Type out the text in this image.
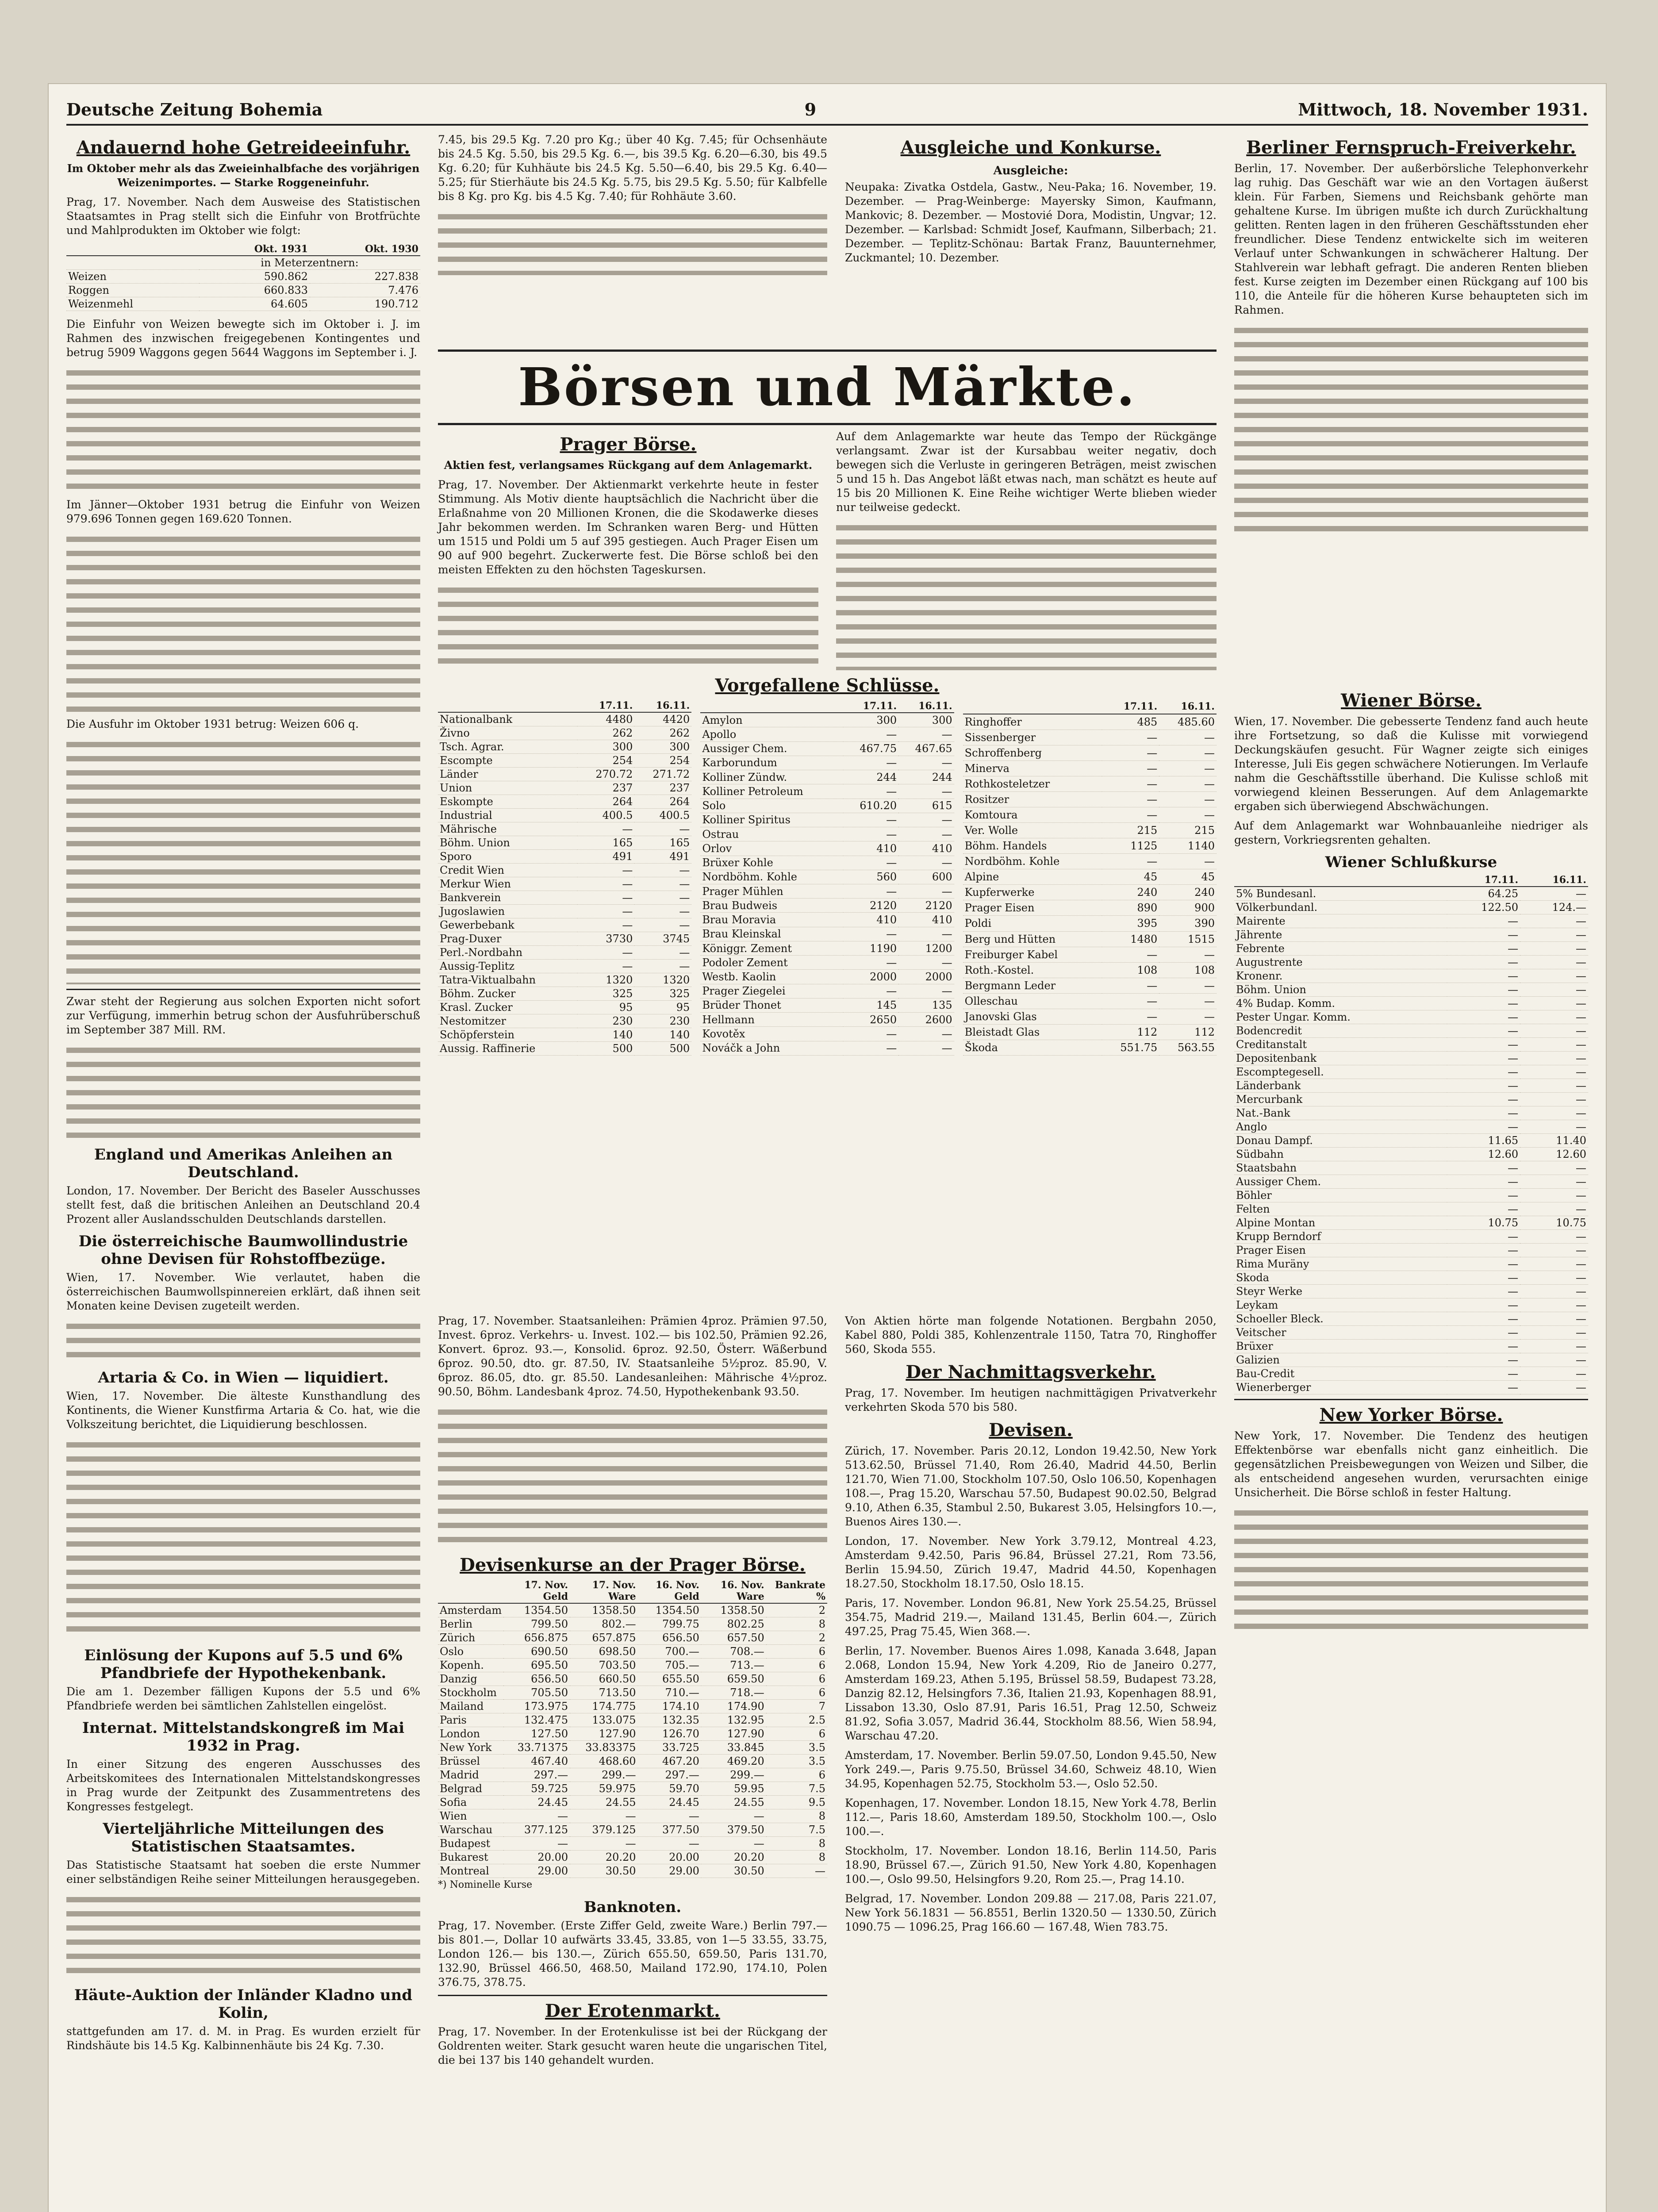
Deutsche Zeitung Bohemia	9	Mittwoch, 18. November 1931.
Andauernd hohe Getreideeinfuhr.

Im Oktober mehr als das Zweieinhalbfache des vorjährigen Weizenimportes. — Starke Roggeneinfuhr.

Prag, 17. November. Nach dem Ausweise des Statistischen Staatsamtes in Prag stellt sich die Einfuhr von Brotfrüchte und Mahlprodukten im Oktober wie folgt:

	Okt. 1931	Okt. 1930
	in Meterzentnern:	
Weizen	590.862	227.838
Roggen	660.833	7.476
Weizenmehl	64.605	190.712

Die Einfuhr von Weizen bewegte sich im Oktober i. J. im Rahmen des inzwischen freigegebenen Kontingentes und betrug 5909 Waggons gegen 5644 Waggons im September i. J.

Im Jänner—Oktober 1931 betrug die Einfuhr von Weizen 979.696 Tonnen gegen 169.620 Tonnen.

Die Ausfuhr im Oktober 1931 betrug: Weizen 606 q.

Zwar steht der Regierung aus solchen Exporten nicht sofort zur Verfügung, immerhin betrug schon der Ausfuhrüberschuß im September 387 Mill. RM.

England und Amerikas Anleihen an Deutschland.

London, 17. November. Der Bericht des Baseler Ausschusses stellt fest, daß die britischen Anleihen an Deutschland 20.4 Prozent aller Auslandsschulden Deutschlands darstellen.

Die österreichische Baumwollindustrie ohne Devisen für Rohstoffbezüge.

Wien, 17. November. Wie verlautet, haben die österreichischen Baumwollspinnereien erklärt, daß ihnen seit Monaten keine Devisen zugeteilt werden.

Artaria & Co. in Wien — liquidiert.

Wien, 17. November. Die älteste Kunsthandlung des Kontinents, die Wiener Kunstfirma Artaria & Co. hat, wie die Volkszeitung berichtet, die Liquidierung beschlossen.

Einlösung der Kupons auf 5.5 und 6% Pfandbriefe der Hypothekenbank.

Die am 1. Dezember fälligen Kupons der 5.5 und 6% Pfandbriefe werden bei sämtlichen Zahlstellen eingelöst.

Internat. Mittelstandskongreß im Mai 1932 in Prag.

In einer Sitzung des engeren Ausschusses des Arbeitskomitees des Internationalen Mittelstandskongresses in Prag wurde der Zeitpunkt des Zusammentretens des Kongresses festgelegt.

Vierteljährliche Mitteilungen des Statistischen Staatsamtes.

Das Statistische Staatsamt hat soeben die erste Nummer einer selbständigen Reihe seiner Mitteilungen herausgegeben.

Häute-Auktion der Inländer Kladno und Kolin,

stattgefunden am 17. d. M. in Prag. Es wurden erzielt für Rindshäute bis 14.5 Kg. Kalbinnenhäute bis 24 Kg. 7.30.

7.45, bis 29.5 Kg. 7.20 pro Kg.; über 40 Kg. 7.45; für Ochsenhäute bis 24.5 Kg. 5.50, bis 29.5 Kg. 6.—, bis 39.5 Kg. 6.20—6.30, bis 49.5 Kg. 6.20; für Kuhhäute bis 24.5 Kg. 5.50—6.40, bis 29.5 Kg. 6.40—5.25; für Stierhäute bis 24.5 Kg. 5.75, bis 29.5 Kg. 5.50; für Kalbfelle bis 8 Kg. pro Kg. bis 4.5 Kg. 7.40; für Rohhäute 3.60.

Ausgleiche und Konkurse.
Ausgleiche:

Neupaka: Zivatka Ostdela, Gastw., Neu-Paka; 16. November, 19. Dezember. — Prag-Weinberge: Mayersky Simon, Kaufmann, Mankovic; 8. Dezember. — Mostovié Dora, Modistin, Ungvar; 12. Dezember. — Karlsbad: Schmidt Josef, Kaufmann, Silberbach; 21. Dezember. — Teplitz-Schönau: Bartak Franz, Bauunternehmer, Zuckmantel; 10. Dezember.

Berliner Fernspruch-Freiverkehr.

Berlin, 17. November. Der außerbörsliche Telephonverkehr lag ruhig. Das Geschäft war wie an den Vortagen äußerst klein. Für Farben, Siemens und Reichsbank gehörte man gehaltene Kurse. Im übrigen mußte ich durch Zurückhaltung gelitten. Renten lagen in den früheren Geschäftsstunden eher freundlicher. Diese Tendenz entwickelte sich im weiteren Verlauf unter Schwankungen in schwächerer Haltung. Der Stahlverein war lebhaft gefragt. Die anderen Renten blieben fest. Kurse zeigten im Dezember einen Rückgang auf 100 bis 110, die Anteile für die höheren Kurse behaupteten sich im Rahmen.

Börsen und Märkte.
Prager Börse.

Aktien fest, verlangsames Rückgang auf dem Anlagemarkt.

Prag, 17. November. Der Aktienmarkt verkehrte heute in fester Stimmung. Als Motiv diente hauptsächlich die Nachricht über die Erlaßnahme von 20 Millionen Kronen, die die Skodawerke dieses Jahr bekommen werden. Im Schranken waren Berg- und Hütten um 1515 und Poldi um 5 auf 395 gestiegen. Auch Prager Eisen um 90 auf 900 begehrt. Zuckerwerte fest. Die Börse schloß bei den meisten Effekten zu den höchsten Tageskursen.

Auf dem Anlagemarkte war heute das Tempo der Rückgänge verlangsamt. Zwar ist der Kursabbau weiter negativ, doch bewegen sich die Verluste in geringeren Beträgen, meist zwischen 5 und 15 h. Das Angebot läßt etwas nach, man schätzt es heute auf 15 bis 20 Millionen K. Eine Reihe wichtiger Werte blieben wieder nur teilweise gedeckt.

Vorgefallene Schlüsse.
	17.11.	16.11.
Nationalbank	4480	4420
Živno	262	262
Tsch. Agrar.	300	300
Escompte	254	254
Länder	270.72	271.72
Union	237	237
Eskompte	264	264
Industrial	400.5	400.5
Mährische	—	—
Böhm. Union	165	165
Sporo	491	491
Credit Wien	—	—
Merkur Wien	—	—
Bankverein	—	—
Jugoslawien	—	—
Gewerbebank	—	—
Prag-Duxer	3730	3745
Perl.-Nordbahn	—	—
Aussig-Teplitz	—	—
Tatra-Viktualbahn	1320	1320
Böhm. Zucker	325	325
Krasl. Zucker	95	95
Nestomitzer	230	230
Schöpferstein	140	140
Aussig. Raffinerie	500	500
	17.11.	16.11.
Amylon	300	300
Apollo	—	—
Aussiger Chem.	467.75	467.65
Karborundum	—	—
Kolliner Zündw.	244	244
Kolliner Petroleum	—	—
Solo	610.20	615
Kolliner Spiritus	—	—
Ostrau	—	—
Orlov	410	410
Brüxer Kohle	—	—
Nordböhm. Kohle	560	600
Prager Mühlen	—	—
Brau Budweis	2120	2120
Brau Moravia	410	410
Brau Kleinskal	—	—
Königgr. Zement	1190	1200
Podoler Zement	—	—
Westb. Kaolin	2000	2000
Prager Ziegelei	—	—
Brüder Thonet	145	135
Hellmann	2650	2600
Kovotěx	—	—
Nováčk a John	—	—
	17.11.	16.11.
Ringhoffer	485	485.60
Sissenberger	—	—
Schroffenberg	—	—
Minerva	—	—
Rothkosteletzer	—	—
Rositzer	—	—
Komtoura	—	—
Ver. Wolle	215	215
Böhm. Handels	1125	1140
Nordböhm. Kohle	—	—
Alpine	45	45
Kupferwerke	240	240
Prager Eisen	890	900
Poldi	395	390
Berg und Hütten	1480	1515
Freiburger Kabel	—	—
Roth.-Kostel.	108	108
Bergmann Leder	—	—
Olleschau	—	—
Janovski Glas	—	—
Bleistadt Glas	112	112
Škoda	551.75	563.55

Prag, 17. November. Staatsanleihen: Prämien 4proz. Prämien 97.50, Invest. 6proz. Verkehrs- u. Invest. 102.— bis 102.50, Prämien 92.26, Konvert. 6proz. 93.—, Konsolid. 6proz. 92.50, Österr. Wäßerbund 6proz. 90.50, dto. gr. 87.50, IV. Staatsanleihe 5½proz. 85.90, V. 6proz. 86.05, dto. gr. 85.50. Landesanleihen: Mährische 4½proz. 90.50, Böhm. Landesbank 4proz. 74.50, Hypothekenbank 93.50.

Devisenkurse an der Prager Börse.
	17. Nov. Geld	17. Nov. Ware	16. Nov. Geld	16. Nov. Ware	Bankrate %
Amsterdam	1354.50	1358.50	1354.50	1358.50	2
Berlin	799.50	802.—	799.75	802.25	8
Zürich	656.875	657.875	656.50	657.50	2
Oslo	690.50	698.50	700.—	708.—	6
Kopenh.	695.50	703.50	705.—	713.—	6
Danzig	656.50	660.50	655.50	659.50	6
Stockholm	705.50	713.50	710.—	718.—	6
Mailand	173.975	174.775	174.10	174.90	7
Paris	132.475	133.075	132.35	132.95	2.5
London	127.50	127.90	126.70	127.90	6
New York	33.71375	33.83375	33.725	33.845	3.5
Brüssel	467.40	468.60	467.20	469.20	3.5
Madrid	297.—	299.—	297.—	299.—	6
Belgrad	59.725	59.975	59.70	59.95	7.5
Sofia	24.45	24.55	24.45	24.55	9.5
Wien	—	—	—	—	8
Warschau	377.125	379.125	377.50	379.50	7.5
Budapest	—	—	—	—	8
Bukarest	20.00	20.20	20.00	20.20	8
Montreal	29.00	30.50	29.00	30.50	—

*) Nominelle Kurse

Banknoten.

Prag, 17. November. (Erste Ziffer Geld, zweite Ware.) Berlin 797.— bis 801.—, Dollar 10 aufwärts 33.45, 33.85, von 1—5 33.55, 33.75, London 126.— bis 130.—, Zürich 655.50, 659.50, Paris 131.70, 132.90, Brüssel 466.50, 468.50, Mailand 172.90, 174.10, Polen 376.75, 378.75.

Der Erotenmarkt.

Prag, 17. November. In der Erotenkulisse ist bei der Rückgang der Goldrenten weiter. Stark gesucht waren heute die ungarischen Titel, die bei 137 bis 140 gehandelt wurden.

Von Aktien hörte man folgende Notationen. Bergbahn 2050, Kabel 880, Poldi 385, Kohlenzentrale 1150, Tatra 70, Ringhoffer 560, Skoda 555.

Der Nachmittagsverkehr.

Prag, 17. November. Im heutigen nachmittägigen Privatverkehr verkehrten Skoda 570 bis 580.

Devisen.

Zürich, 17. November. Paris 20.12, London 19.42.50, New York 513.62.50, Brüssel 71.40, Rom 26.40, Madrid 44.50, Berlin 121.70, Wien 71.00, Stockholm 107.50, Oslo 106.50, Kopenhagen 108.—, Prag 15.20, Warschau 57.50, Budapest 90.02.50, Belgrad 9.10, Athen 6.35, Stambul 2.50, Bukarest 3.05, Helsingfors 10.—, Buenos Aires 130.—.

London, 17. November. New York 3.79.12, Montreal 4.23, Amsterdam 9.42.50, Paris 96.84, Brüssel 27.21, Rom 73.56, Berlin 15.94.50, Zürich 19.47, Madrid 44.50, Kopenhagen 18.27.50, Stockholm 18.17.50, Oslo 18.15.

Paris, 17. November. London 96.81, New York 25.54.25, Brüssel 354.75, Madrid 219.—, Mailand 131.45, Berlin 604.—, Zürich 497.25, Prag 75.45, Wien 368.—.

Berlin, 17. November. Buenos Aires 1.098, Kanada 3.648, Japan 2.068, London 15.94, New York 4.209, Rio de Janeiro 0.277, Amsterdam 169.23, Athen 5.195, Brüssel 58.59, Budapest 73.28, Danzig 82.12, Helsingfors 7.36, Italien 21.93, Kopenhagen 88.91, Lissabon 13.30, Oslo 87.91, Paris 16.51, Prag 12.50, Schweiz 81.92, Sofia 3.057, Madrid 36.44, Stockholm 88.56, Wien 58.94, Warschau 47.20.

Amsterdam, 17. November. Berlin 59.07.50, London 9.45.50, New York 249.—, Paris 9.75.50, Brüssel 34.60, Schweiz 48.10, Wien 34.95, Kopenhagen 52.75, Stockholm 53.—, Oslo 52.50.

Kopenhagen, 17. November. London 18.15, New York 4.78, Berlin 112.—, Paris 18.60, Amsterdam 189.50, Stockholm 100.—, Oslo 100.—.

Stockholm, 17. November. London 18.16, Berlin 114.50, Paris 18.90, Brüssel 67.—, Zürich 91.50, New York 4.80, Kopenhagen 100.—, Oslo 99.50, Helsingfors 9.20, Rom 25.—, Prag 14.10.

Belgrad, 17. November. London 209.88 — 217.08, Paris 221.07, New York 56.1831 — 56.8551, Berlin 1320.50 — 1330.50, Zürich 1090.75 — 1096.25, Prag 166.60 — 167.48, Wien 783.75.

Wiener Börse.

Wien, 17. November. Die gebesserte Tendenz fand auch heute ihre Fortsetzung, so daß die Kulisse mit vorwiegend Deckungskäufen gesucht. Für Wagner zeigte sich einiges Interesse, Juli Eis gegen schwächere Notierungen. Im Verlaufe nahm die Geschäftsstille überhand. Die Kulisse schloß mit vorwiegend kleinen Besserungen. Auf dem Anlagemarkte ergaben sich überwiegend Abschwächungen.

Auf dem Anlagemarkt war Wohnbauanleihe niedriger als gestern, Vorkriegsrenten gehalten.

Wiener Schlußkurse
	17.11.	16.11.
5% Bundesanl.	64.25	—
Völkerbundanl.	122.50	124.—
Mairente	—	—
Jährente	—	—
Febrente	—	—
Augustrente	—	—
Kronenr.	—	—
Böhm. Union	—	—
4% Budap. Komm.	—	—
Pester Ungar. Komm.	—	—
Bodencredit	—	—
Creditanstalt	—	—
Depositenbank	—	—
Escomptegesell.	—	—
Länderbank	—	—
Mercurbank	—	—
Nat.-Bank	—	—
Anglo	—	—
Donau Dampf.	11.65	11.40
Südbahn	12.60	12.60
Staatsbahn	—	—
Aussiger Chem.	—	—
Böhler	—	—
Felten	—	—
Alpine Montan	10.75	10.75
Krupp Berndorf	—	—
Prager Eisen	—	—
Rima Muräny	—	—
Skoda	—	—
Steyr Werke	—	—
Leykam	—	—
Schoeller Bleck.	—	—
Veitscher	—	—
Brüxer	—	—
Galizien	—	—
Bau-Credit	—	—
Wienerberger	—	—
New Yorker Börse.

New York, 17. November. Die Tendenz des heutigen Effektenbörse war ebenfalls nicht ganz einheitlich. Die gegensätzlichen Preisbewegungen von Weizen und Silber, die als entscheidend angesehen wurden, verursachten einige Unsicherheit. Die Börse schloß in fester Haltung.
